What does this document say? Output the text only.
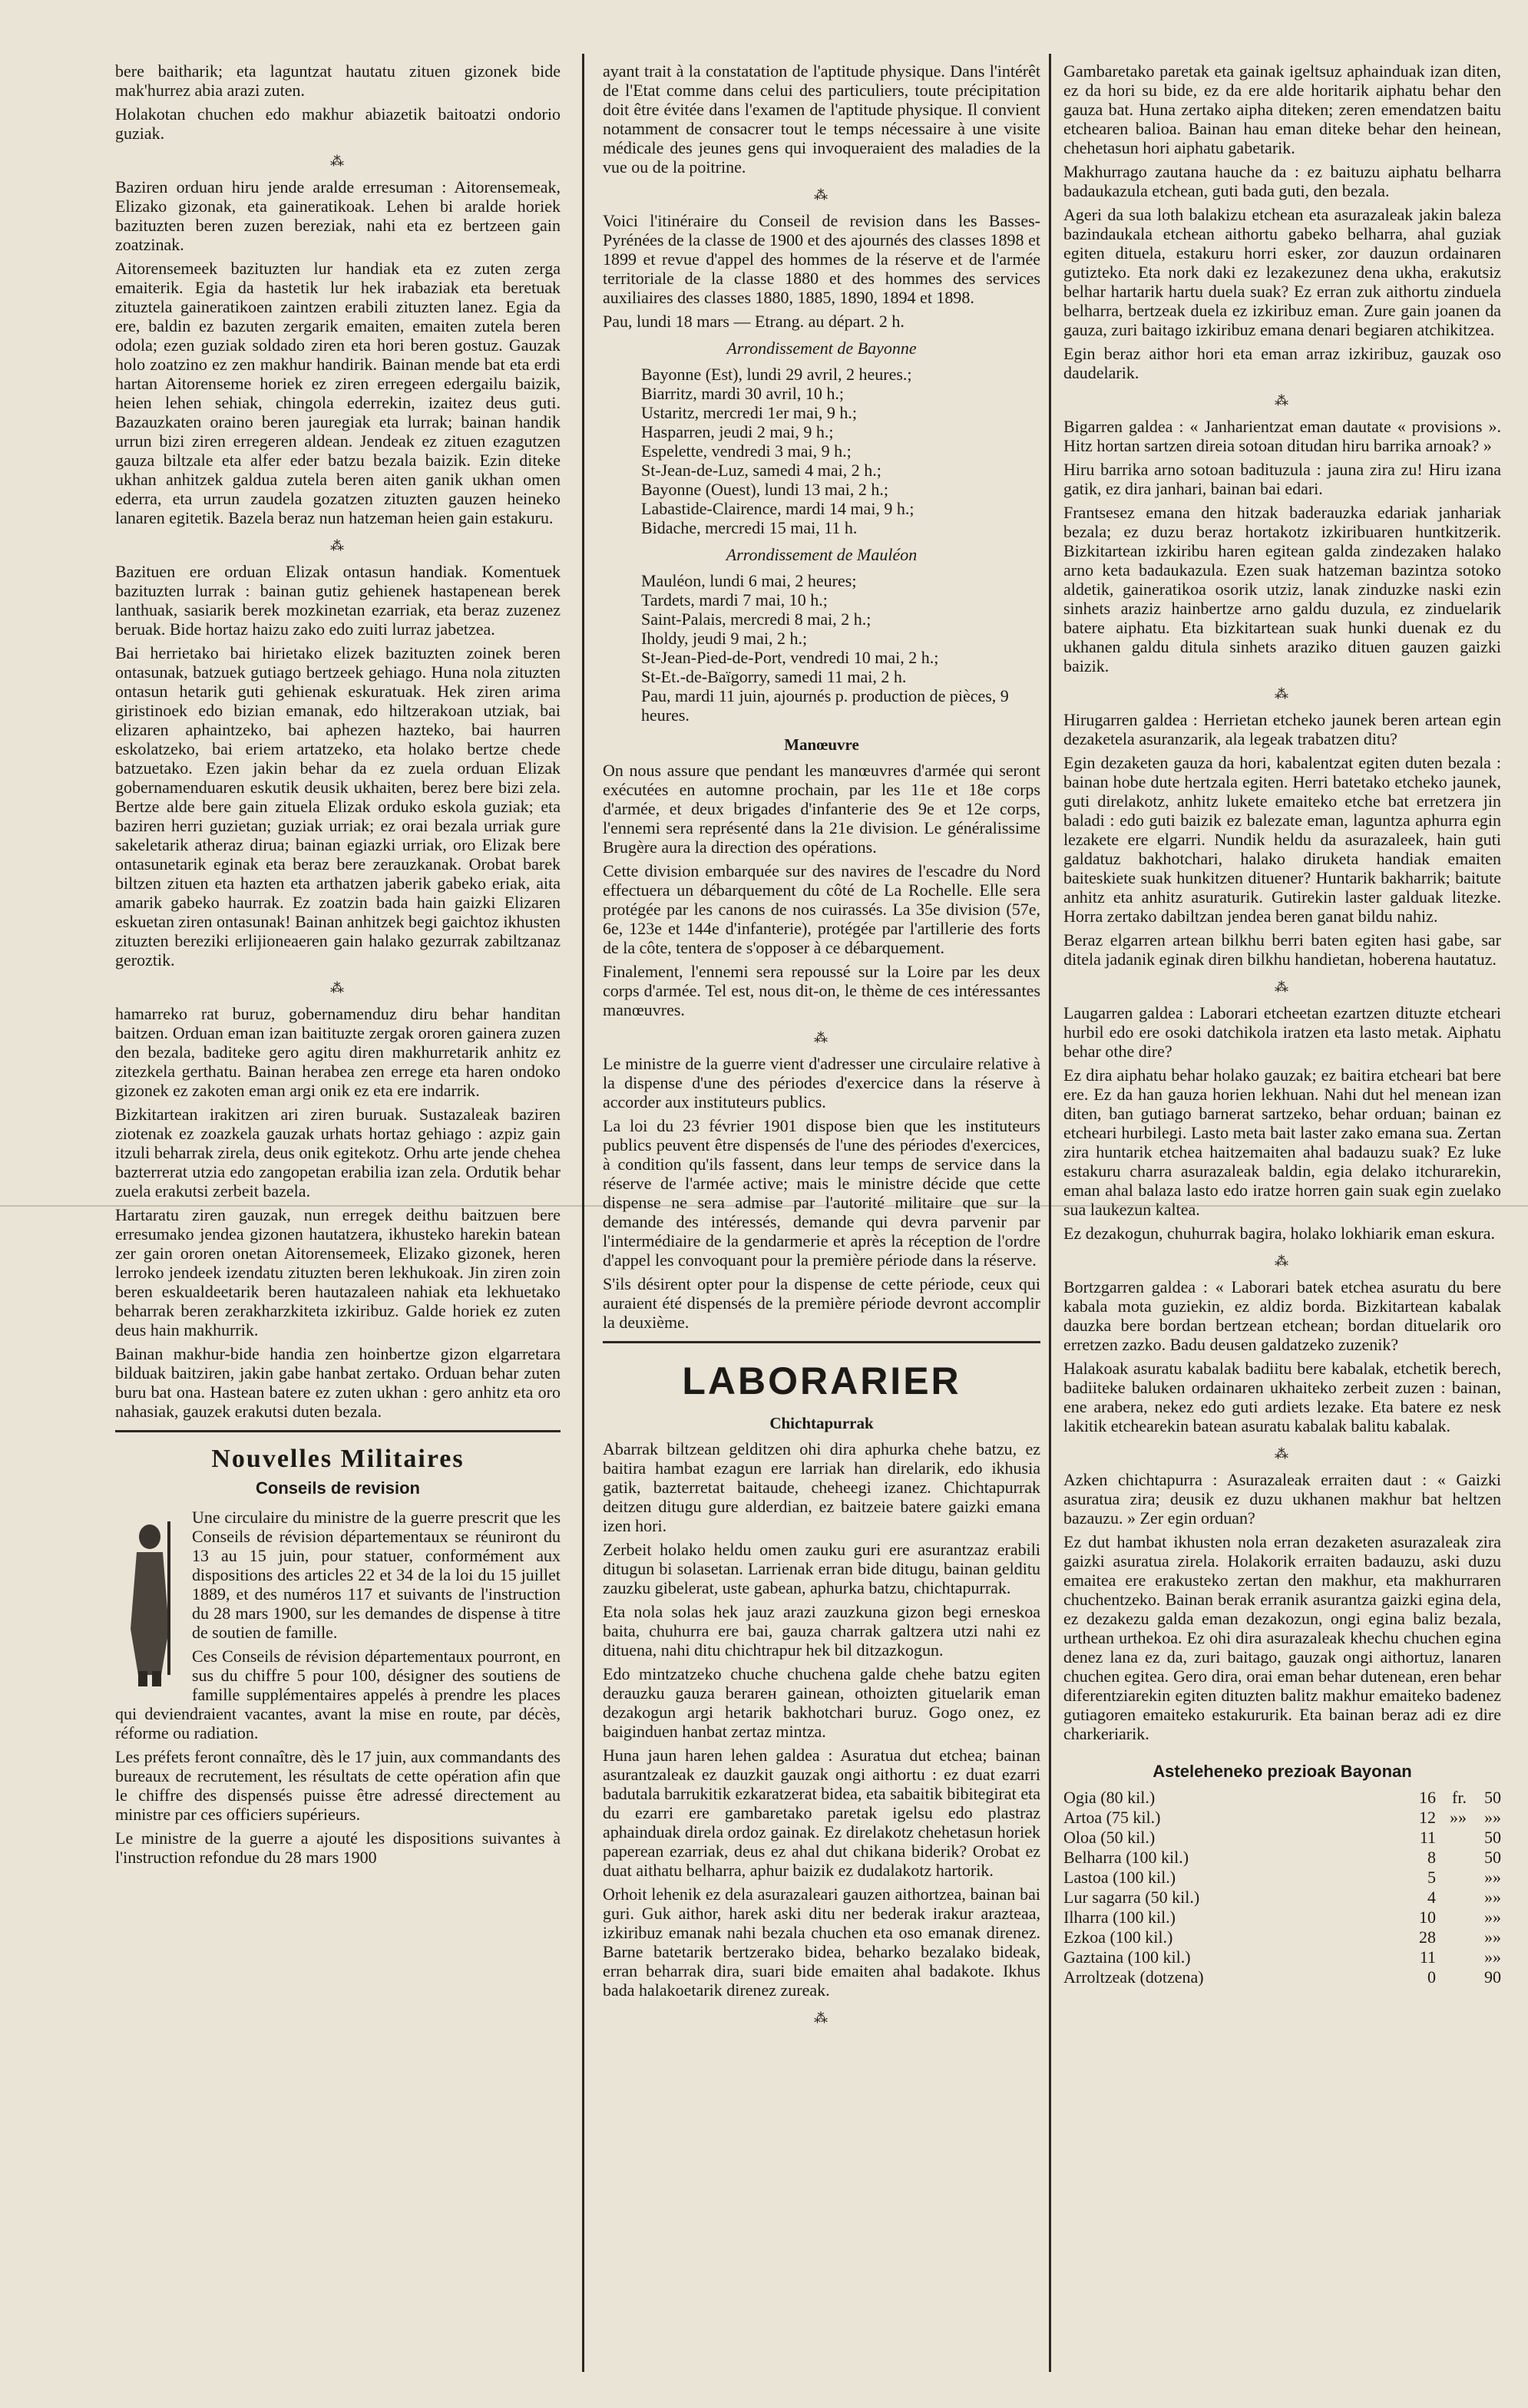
bere baitharik; eta laguntzat hautatu zituen gizonek bide mak'hurrez abia arazi zuten.

Holakotan chuchen edo makhur abiazetik baitoatzi ondorio guziak.

⁂

Baziren orduan hiru jende aralde erresuman : Aitorensemeak, Elizako gizonak, eta gaineratikoak. Lehen bi aralde horiek bazituzten beren zuzen bereziak, nahi eta ez bertzeen gain zoatzinak.

Aitorensemeek bazituzten lur handiak eta ez zuten zerga emaiterik. Egia da hastetik lur hek irabaziak eta beretuak zituztela gaineratikoen zaintzen erabili zituzten lanez. Egia da ere, baldin ez bazuten zergarik emaiten, emaiten zutela beren odola; ezen guziak soldado ziren eta hori beren gostuz. Gauzak holo zoatzino ez zen makhur handirik. Bainan mende bat eta erdi hartan Aitorenseme horiek ez ziren erregeen edergailu baizik, heien lehen sehiak, chingola ederrekin, izaitez deus guti. Bazauzkaten oraino beren jauregiak eta lurrak; bainan handik urrun bizi ziren erregeren aldean. Jendeak ez zituen ezagutzen gauza biltzale eta alfer eder batzu bezala baizik. Ezin diteke ukhan anhitzek galdua zutela beren aiten ganik ukhan omen ederra, eta urrun zaudela gozatzen zituzten gauzen heineko lanaren egitetik. Bazela beraz nun hatzeman heien gain estakuru.

⁂

Bazituen ere orduan Elizak ontasun handiak. Komentuek bazituzten lurrak : bainan gutiz gehienek hastapenean berek lanthuak, sasiarik berek mozkinetan ezarriak, eta beraz zuzenez beruak. Bide hortaz haizu zako edo zuiti lurraz jabetzea.

Bai herrietako bai hirietako elizek bazituzten zoinek beren ontasunak, batzuek gutiago bertzeek gehiago. Huna nola zituzten ontasun hetarik guti gehienak eskuratuak. Hek ziren arima giristinoek edo bizian emanak, edo hiltzerakoan utziak, bai elizaren aphaintzeko, bai aphezen hazteko, bai haurren eskolatzeko, bai eriem artatzeko, eta holako bertze chede batzuetako. Ezen jakin behar da ez zuela orduan Elizak gobernamenduaren eskutik deusik ukhaiten, berez bere bizi zela. Bertze alde bere gain zituela Elizak orduko eskola guziak; eta baziren herri guzietan; guziak urriak; ez orai bezala urriak gure sakeletarik atheraz dirua; bainan egiazki urriak, oro Elizak bere ontasunetarik eginak eta beraz bere zerauzkanak. Orobat barek biltzen zituen eta hazten eta arthatzen jaberik gabeko eriak, aita amarik gabeko haurrak. Ez zoatzin bada hain gaizki Elizaren eskuetan ziren ontasunak! Bainan anhitzek begi gaichtoz ikhusten zituzten bereziki erlijioneaeren gain halako gezurrak zabiltzanaz geroztik.

⁂

hamarreko rat buruz, gobernamenduz diru behar handitan baitzen. Orduan eman izan baitituzte zergak ororen gainera zuzen den bezala, baditeke gero agitu diren makhurretarik anhitz ez zitezkela gerthatu. Bainan herabea zen errege eta haren ondoko gizonek ez zakoten eman argi onik ez eta ere indarrik.

Bizkitartean irakitzen ari ziren buruak. Sustazaleak baziren ziotenak ez zoazkela gauzak urhats hortaz gehiago : azpiz gain itzuli beharrak zirela, deus onik egitekotz. Orhu arte jende chehea bazterrerat utzia edo zangopetan erabilia izan zela. Ordutik behar zuela erakutsi zerbeit bazela.

Hartaratu ziren gauzak, nun erregek deithu baitzuen bere erresumako jendea gizonen hautatzera, ikhusteko harekin batean zer gain ororen onetan Aitorensemeek, Elizako gizonek, heren lerroko jendeek izendatu zituzten beren lekhukoak. Jin ziren zoin beren eskualdeetarik beren hautazaleen nahiak eta lekhuetako beharrak beren zerakharzkiteta izkiribuz. Galde horiek ez zuten deus hain makhurrik.

Bainan makhur-bide handia zen hoinbertze gizon elgarretara bilduak baitziren, jakin gabe hanbat zertako. Orduan behar zuten buru bat ona. Hastean batere ez zuten ukhan : gero anhitz eta oro nahasiak, gauzek erakutsi duten bezala.

Nouvelles Militaires
Conseils de revision

Une circulaire du ministre de la guerre prescrit que les Conseils de révision départementaux se réuniront du 13 au 15 juin, pour statuer, conformément aux dispositions des articles 22 et 34 de la loi du 15 juillet 1889, et des numéros 117 et suivants de l'instruction du 28 mars 1900, sur les demandes de dispense à titre de soutien de famille.

Ces Conseils de révision départementaux pourront, en sus du chiffre 5 pour 100, désigner des soutiens de famille supplémentaires appelés à prendre les places qui deviendraient vacantes, avant la mise en route, par décès, réforme ou radiation.

Les préfets feront connaître, dès le 17 juin, aux commandants des bureaux de recrutement, les résultats de cette opération afin que le chiffre des dispensés puisse être adressé directement au ministre par ces officiers supérieurs.

Le ministre de la guerre a ajouté les dispositions suivantes à l'instruction refondue du 28 mars 1900

ayant trait à la constatation de l'aptitude physique. Dans l'intérêt de l'Etat comme dans celui des particuliers, toute précipitation doit être évitée dans l'examen de l'aptitude physique. Il convient notamment de consacrer tout le temps nécessaire à une visite médicale des jeunes gens qui invoqueraient des maladies de la vue ou de la poitrine.

⁂

Voici l'itinéraire du Conseil de revision dans les Basses-Pyrénées de la classe de 1900 et des ajournés des classes 1898 et 1899 et revue d'appel des hommes de la réserve et de l'armée territoriale de la classe 1880 et des hommes des services auxiliaires des classes 1880, 1885, 1890, 1894 et 1898.

Pau, lundi 18 mars — Etrang. au départ. 2 h.

Arrondissement de Bayonne
Bayonne (Est), lundi 29 avril, 2 heures.;
Biarritz, mardi 30 avril, 10 h.;
Ustaritz, mercredi 1er mai, 9 h.;
Hasparren, jeudi 2 mai, 9 h.;
Espelette, vendredi 3 mai, 9 h.;
St-Jean-de-Luz, samedi 4 mai, 2 h.;
Bayonne (Ouest), lundi 13 mai, 2 h.;
Labastide-Clairence, mardi 14 mai, 9 h.;
Bidache, mercredi 15 mai, 11 h.
Arrondissement de Mauléon
Mauléon, lundi 6 mai, 2 heures;
Tardets, mardi 7 mai, 10 h.;
Saint-Palais, mercredi 8 mai, 2 h.;
Iholdy, jeudi 9 mai, 2 h.;
St-Jean-Pied-de-Port, vendredi 10 mai, 2 h.;
St-Et.-de-Baïgorry, samedi 11 mai, 2 h.
Pau, mardi 11 juin, ajournés p. production de pièces, 9 heures.
Manœuvre

On nous assure que pendant les manœuvres d'armée qui seront exécutées en automne prochain, par les 11e et 18e corps d'armée, et deux brigades d'infanterie des 9e et 12e corps, l'ennemi sera représenté dans la 21e division. Le généralissime Brugère aura la direction des opérations.

Cette division embarquée sur des navires de l'escadre du Nord effectuera un débarquement du côté de La Rochelle. Elle sera protégée par les canons de nos cuirassés. La 35e division (57e, 6e, 123e et 144e d'infanterie), protégée par l'artillerie des forts de la côte, tentera de s'opposer à ce débarquement.

Finalement, l'ennemi sera repoussé sur la Loire par les deux corps d'armée. Tel est, nous dit-on, le thème de ces intéressantes manœuvres.

⁂

Le ministre de la guerre vient d'adresser une circulaire relative à la dispense d'une des périodes d'exercice dans la réserve à accorder aux instituteurs publics.

La loi du 23 février 1901 dispose bien que les instituteurs publics peuvent être dispensés de l'une des périodes d'exercices, à condition qu'ils fassent, dans leur temps de service dans la réserve de l'armée active; mais le ministre décide que cette dispense ne sera admise par l'autorité militaire que sur la demande des intéressés, demande qui devra parvenir par l'intermédiaire de la gendarmerie et après la réception de l'ordre d'appel les convoquant pour la première période dans la réserve.

S'ils désirent opter pour la dispense de cette période, ceux qui auraient été dispensés de la première période devront accomplir la deuxième.

LABORARIER
Chichtapurrak

Abarrak biltzean gelditzen ohi dira aphurka chehe batzu, ez baitira hambat ezagun ere larriak han direlarik, edo ikhusia gatik, bazterretat baitaude, cheheegi izanez. Chichtapurrak deitzen ditugu gure alderdian, ez baitzeie batere gaizki emana izen hori.

Zerbeit holako heldu omen zauku guri ere asurantzaz erabili ditugun bi solasetan. Larrienak erran bide ditugu, bainan gelditu zauzku gibelerat, uste gabean, aphurka batzu, chichtapurrak.

Eta nola solas hek jauz arazi zauzkuna gizon begi erneskoa baita, chuhurra ere bai, gauza charrak galtzera utzi nahi ez dituena, nahi ditu chichtrapur hek bil ditzazkogun.

Edo mintzatzeko chuche chuchena galde chehe batzu egiten derauzku gauza berarен gainean, othoizten gituelarik eman dezakogun argi hetarik bakhotchari buruz. Gogo onez, ez baiginduen hanbat zertaz mintza.

Huna jaun haren lehen galdea : Asuratua dut etchea; bainan asurantzaleak ez dauzkit gauzak ongi aithortu : ez duat ezarri badutala barrukitik ezkaratzerat bidea, eta sabaitik bibitegirat eta du ezarri ere gambaretako paretak igelsu edo plastraz aphainduak direla ordoz gainak. Ez direlakotz chehetasun horiek paperean ezarriak, deus ez ahal dut chikana biderik? Orobat ez duat aithatu belharra, aphur baizik ez dudalakotz hartorik.

Orhoit lehenik ez dela asurazaleari gauzen aithortzea, bainan bai guri. Guk aithor, harek aski ditu ner bederak irakur arazteaa, izkiribuz emanak nahi bezala chuchen eta oso emanak direnez. Barne batetarik bertzerako bidea, beharko bezalako bideak, erran beharrak dira, suari bide emaiten ahal badakote. Ikhus bada halakoetarik direnez zureak.

⁂

Gambaretako paretak eta gainak igeltsuz aphainduak izan diten, ez da hori su bide, ez da ere alde horitarik aiphatu behar den gauza bat. Huna zertako aipha diteken; zeren emendatzen baitu etchearen balioa. Bainan hau eman diteke behar den heinean, chehetasun hori aiphatu gabetarik.

Makhurrago zautana hauche da : ez baituzu aiphatu belharra badaukazula etchean, guti bada guti, den bezala.

Ageri da sua loth balakizu etchean eta asurazaleak jakin baleza bazindaukala etchean aithortu gabeko belharra, ahal guziak egiten dituela, estakuru horri esker, zor dauzun ordainaren gutizteko. Eta nork daki ez lezakezunez dena ukha, erakutsiz belhar hartarik hartu duela suak? Ez erran zuk aithortu zinduela belharra, bertzeak duela ez izkiribuz eman. Zure gain joanen da gauza, zuri baitago izkiribuz emana denari begiaren atchikitzea.

Egin beraz aithor hori eta eman arraz izkiribuz, gauzak oso daudelarik.

⁂

Bigarren galdea : « Janharientzat eman dautate « provisions ». Hitz hortan sartzen direia sotoan ditudan hiru barrika arnoak? »

Hiru barrika arno sotoan badituzula : jauna zira zu! Hiru izana gatik, ez dira janhari, bainan bai edari.

Frantsesez emana den hitzak baderauzka edariak janhariak bezala; ez duzu beraz hortakotz izkiribuaren huntkitzerik. Bizkitartean izkiribu haren egitean galda zindezaken halako arno keta badaukazula. Ezen suak hatzeman bazintza sotoko aldetik, gaineratikoa osorik utziz, lanak zinduzke naski ezin sinhets araziz hainbertze arno galdu duzula, ez zinduelarik batere aiphatu. Eta bizkitartean suak hunki duenak ez du ukhanen galdu ditulа sinhets araziko dituen gauzen gaizki baizik.

⁂

Hirugarren galdea : Herrietan etcheko jaunek beren artean egin dezaketela asuranzarik, ala legeak trabatzen ditu?

Egin dezaketen gauza da hori, kabalentzat egiten duten bezala : bainan hobe dute hertzala egiten. Herri batetako etcheko jaunek, guti direlakotz, anhitz lukete emaiteko etche bat erretzera jin baladi : edo guti baizik ez balezate eman, laguntza aphurra egin lezakete ere elgarri. Nundik heldu da asurazaleek, hain guti galdatuz bakhotchari, halako diruketa handiak emaiten baiteskiete suak hunkitzen dituener? Huntarik bakharrik; baitute anhitz eta anhitz asuraturik. Gutirekin laster galduak litezke. Horra zertako dabiltzan jendea beren ganat bildu nahiz.

Beraz elgarren artean bilkhu berri baten egiten hasi gabe, sar ditela jadanik eginak diren bilkhu handietan, hoberena hautatuz.

⁂

Laugarren galdea : Laborari etcheetan ezartzen dituzte etcheari hurbil edo ere osoki datchikola iratzen eta lasto metak. Aiphatu behar othe dire?

Ez dira aiphatu behar holako gauzak; ez baitira etcheari bat bere ere. Ez da han gauza horien lekhuan. Nahi dut hel menean izan diten, ban gutiago barnerat sartzeko, behar orduan; bainan ez etcheari hurbilegi. Lasto meta bait laster zako emana sua. Zertan zira huntarik etchea haitzemaiten ahal badauzu suak? Ez luke estakuru charra asurazaleak baldin, egia delako itchurarekin, eman ahal balaza lasto edo iratze horren gain suak egin zuelako sua laukezun kaltea.

Ez dezakogun, chuhurrak bagira, holako lokhiarik eman eskura.

⁂

Bortzgarren galdea : « Laborari batek etchea asuratu du bere kabala mota guziekin, ez aldiz borda. Bizkitartean kabalak dauzka bere bordan bertzean etchean; bordan dituelarik oro erretzen zazko. Badu deusen galdatzeko zuzenik?

Halakoak asuratu kabalak badiitu bere kabalak, etchetik berech, badiiteke baluken ordainaren ukhaiteko zerbeit zuzen : bainan, ene arabera, nekez edo guti ardiets lezake. Eta batere ez nesk lakitik etchearekin batean asuratu kabalak balitu kabalak.

⁂

Azken chichtapurra : Asurazaleak erraiten daut : « Gaizki asuratua zira; deusik ez duzu ukhanen makhur bat heltzen bazauzu. » Zer egin orduan?

Ez dut hambat ikhusten nola erran dezaketen asurazaleak zira gaizki asuratua zirela. Holakorik erraiten badauzu, aski duzu emaitea ere erakusteko zertan den makhur, eta makhurraren chuchentzeko. Bainan berak erranik asurantza gaizki egina dela, ez dezakezu galda eman dezakozun, ongi egina baliz bezala, urthean urthekoa. Ez ohi dira asurazaleak khechu chuchen egina denez lana ez da, zuri baitago, gauzak ongi aithortuz, lanaren chuchen egitea. Gero dira, orai eman behar dutenean, eren behar diferentziarekin egiten dituzten balitz makhur emaiteko badenez gutiagoren emaiteko estakururik. Eta bainan beraz adi ez dire charkeriarik.

Asteleheneko prezioak Bayonan
Ogia (80 kil.)	16	fr.	50
Artoa (75 kil.)	12	»»	»»
Oloa (50 kil.)	11		50
Belharra (100 kil.)	8		50
Lastoa (100 kil.)	5		»»
Lur sagarra (50 kil.)	4		»»
Ilharra (100 kil.)	10		»»
Ezkoa (100 kil.)	28		»»
Gaztaina (100 kil.)	11		»»
Arroltzeak (dotzena)	0		90
